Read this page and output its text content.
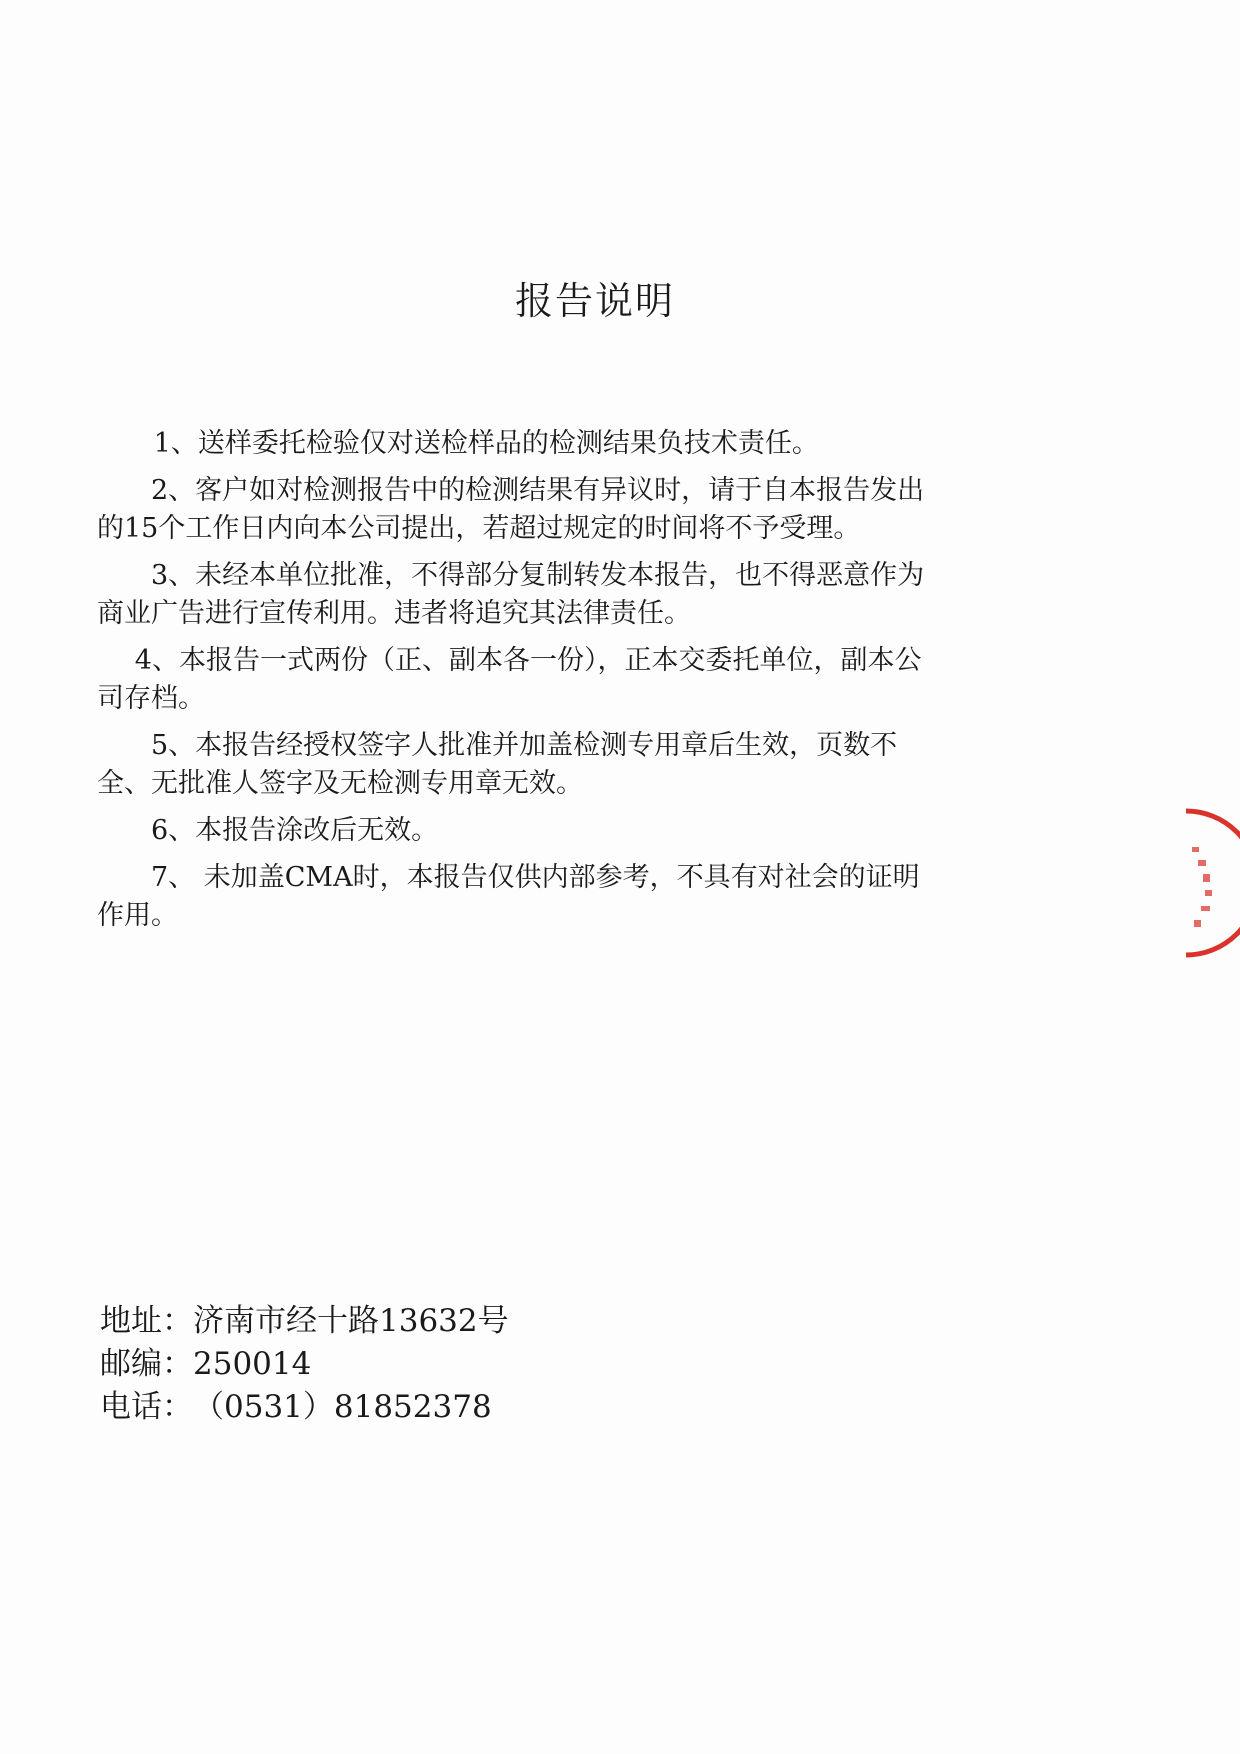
报告说明

1、送样委托检验仅对送检样品的检测结果负技术责任。

2、客户如对检测报告中的检测结果有异议时，请于自本报告发出的15个工作日内向本公司提出，若超过规定的时间将不予受理。

3、未经本单位批准，不得部分复制转发本报告，也不得恶意作为商业广告进行宣传利用。违者将追究其法律责任。

4、本报告一式两份（正、副本各一份），正本交委托单位，副本公司存档。

5、本报告经授权签字人批准并加盖检测专用章后生效，页数不全、无批准人签字及无检测专用章无效。

6、本报告涂改后无效。

7、 未加盖CMA时，本报告仅供内部参考，不具有对社会的证明作用。

地址：济南市经十路13632号
邮编：250014
电话：（0531）81852378
